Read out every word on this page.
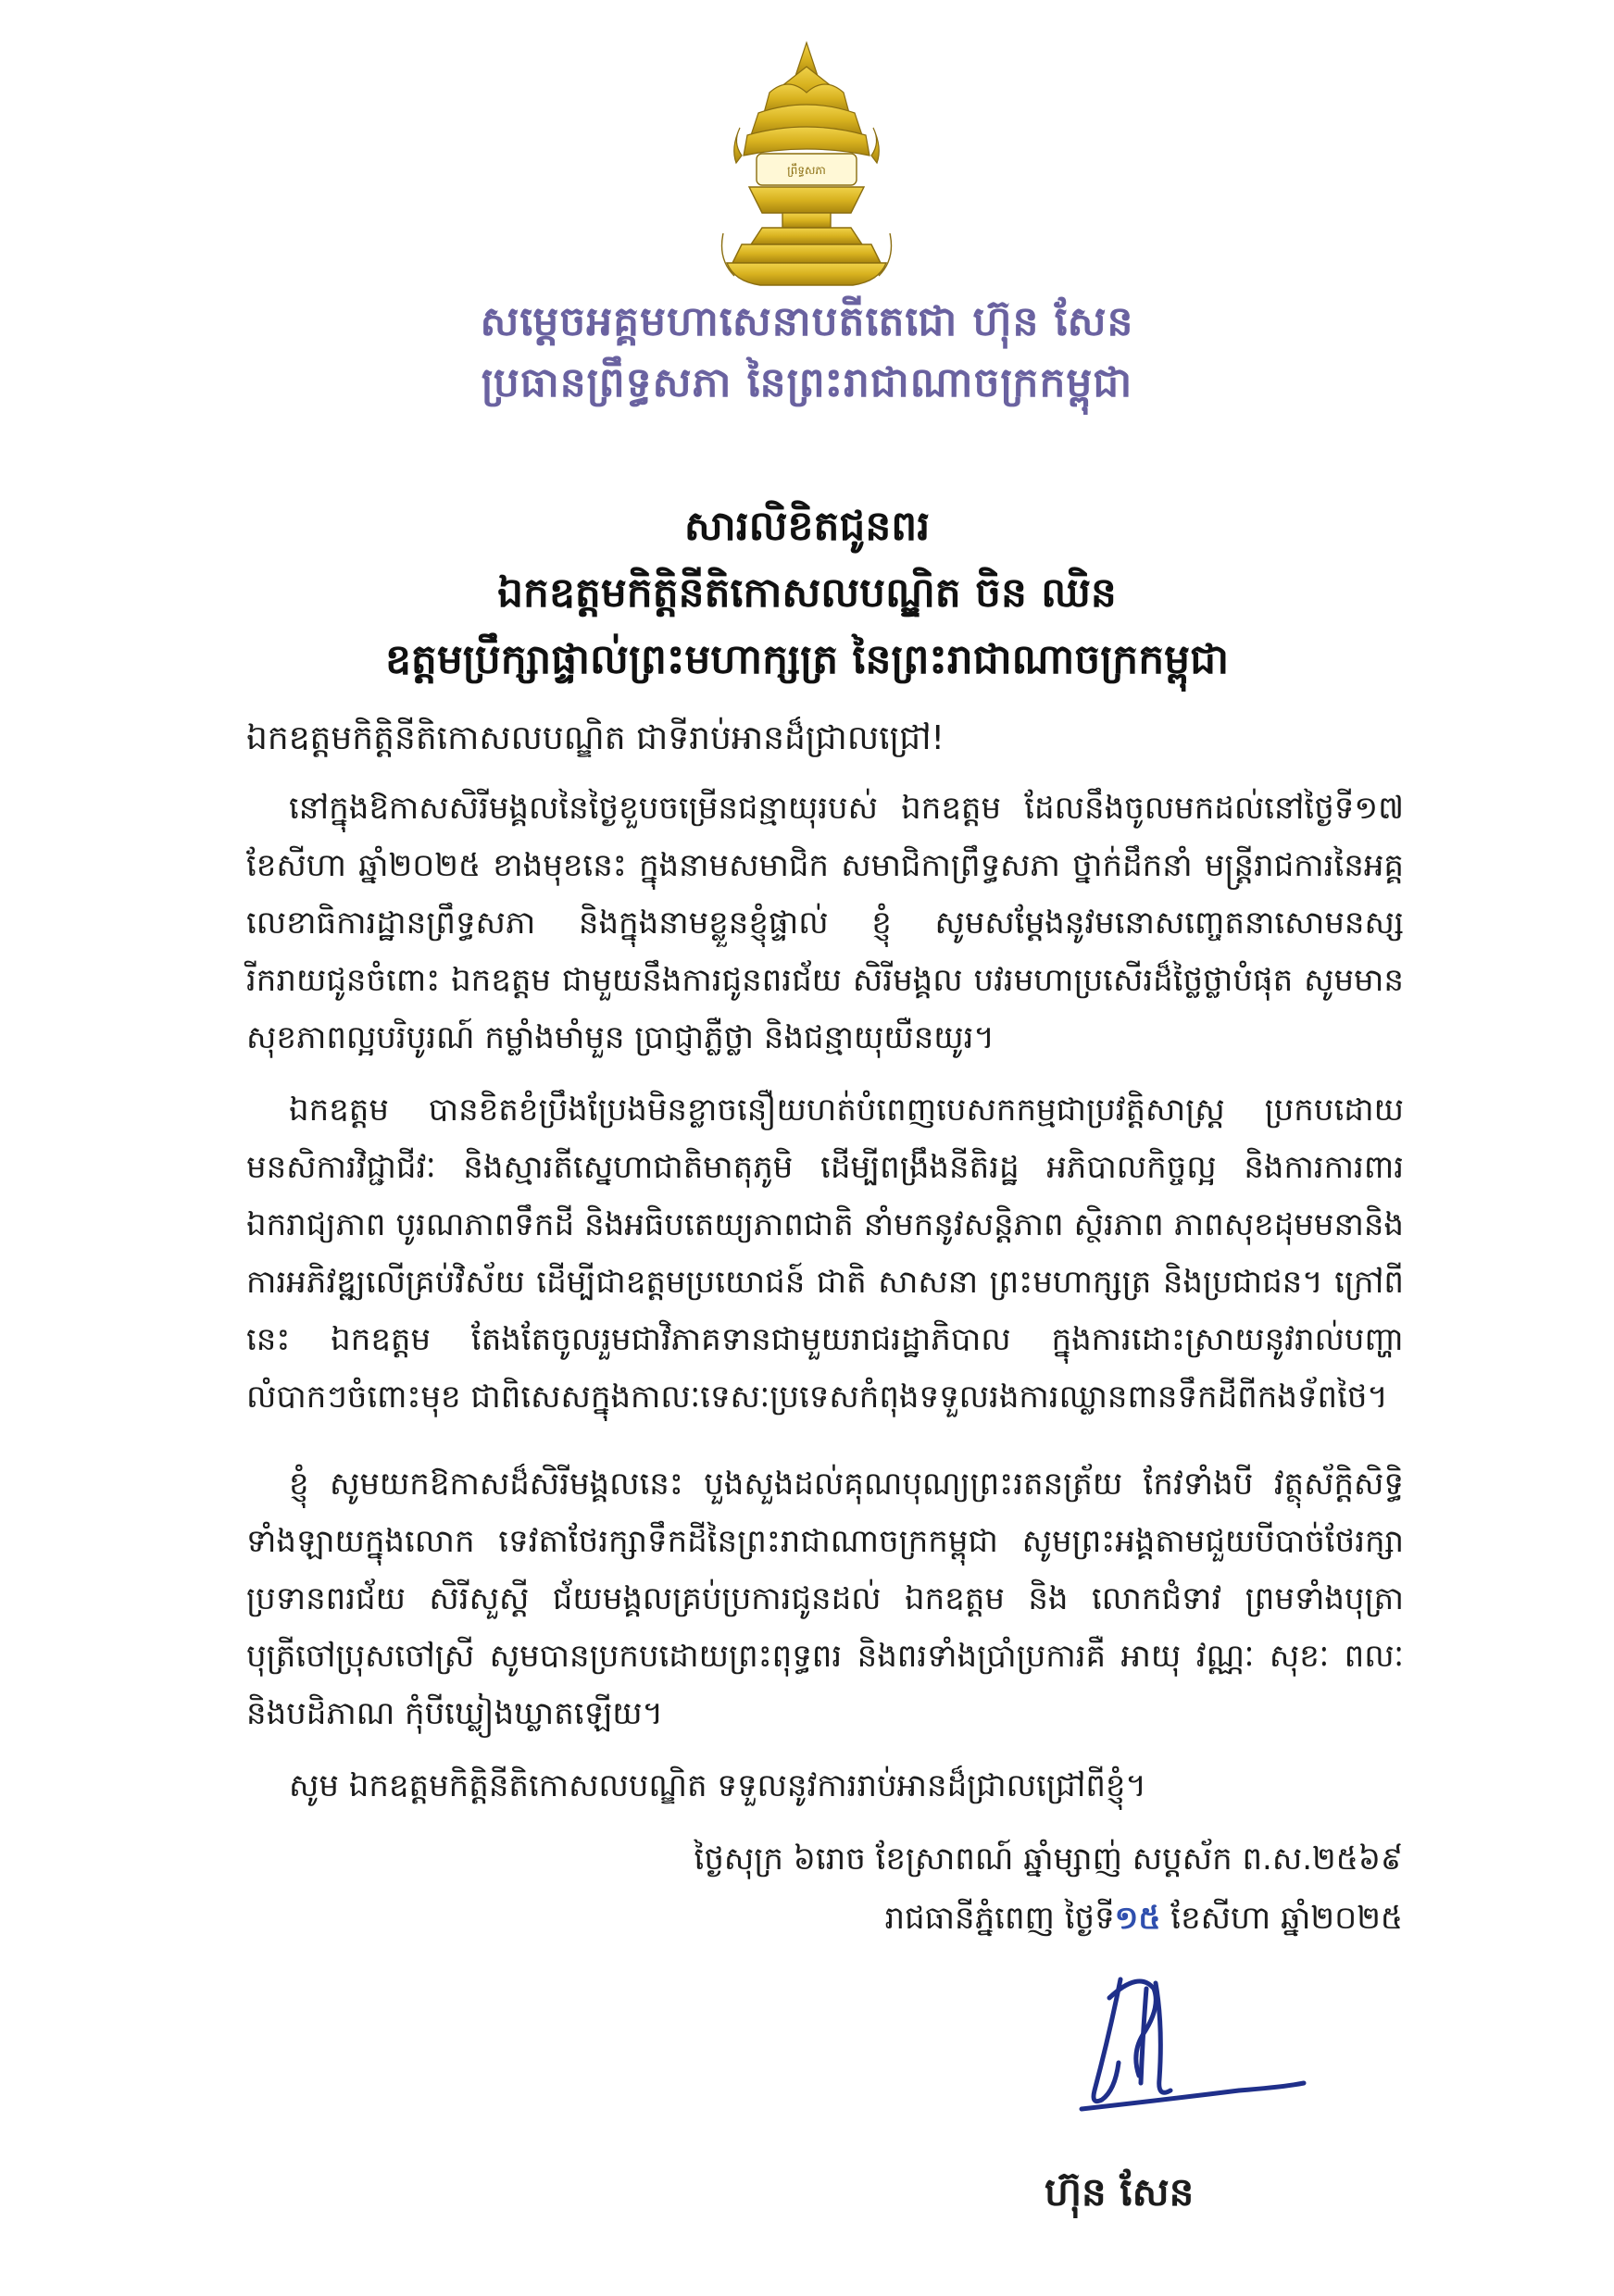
ព្រឹទ្ធសភា
សម្តេចអគ្គមហាសេនាបតីតេជោ ហ៊ុន សែន
ប្រធានព្រឹទ្ធសភា នៃព្រះរាជាណាចក្រកម្ពុជា
សារលិខិតជូនពរ
ឯកឧត្តមកិត្តិនីតិកោសលបណ្ឌិត ចិន ឈិន
ឧត្តមប្រឹក្សាផ្ទាល់ព្រះមហាក្សត្រ នៃព្រះរាជាណាចក្រកម្ពុជា
ឯកឧត្តមកិត្តិនីតិកោសលបណ្ឌិត ជាទីរាប់អានដ៏ជ្រាលជ្រៅ!

នៅក្នុងឱកាសសិរីមង្គលនៃថ្ងៃខួបចម្រើនជន្មាយុរបស់ ឯកឧត្តម ដែលនឹងចូលមកដល់នៅថ្ងៃទី១៧ ខែសីហា ឆ្នាំ២០២៥ ខាងមុខនេះ ក្នុងនាមសមាជិក សមាជិកាព្រឹទ្ធសភា ថ្នាក់ដឹកនាំ មន្ត្រីរាជការនៃអគ្គលេខាធិការដ្ឋានព្រឹទ្ធសភា និងក្នុងនាមខ្លួនខ្ញុំផ្ទាល់ ខ្ញុំ សូមសម្តែងនូវមនោសញ្ចេតនាសោមនស្សរីករាយជូនចំពោះ ឯកឧត្តម ជាមួយនឹងការជូនពរជ័យ សិរីមង្គល បវរមហាប្រសើរដ៏ថ្លៃថ្លាបំផុត សូមមានសុខភាពល្អបរិបូរណ៍ កម្លាំងមាំមួន ប្រាជ្ញាភ្លឺថ្លា និងជន្មាយុយឺនយូរ។

ឯកឧត្តម បានខិតខំប្រឹងប្រែងមិនខ្លាចនឿយហត់បំពេញបេសកកម្មជាប្រវត្តិសាស្ត្រ ប្រកបដោយមនសិការវិជ្ជាជីវៈ និងស្មារតីស្នេហាជាតិមាតុភូមិ ដើម្បីពង្រឹងនីតិរដ្ឋ អភិបាលកិច្ចល្អ និងការការពារឯករាជ្យភាព បូរណភាពទឹកដី និងអធិបតេយ្យភាពជាតិ នាំមកនូវសន្តិភាព ស្ថិរភាព ភាពសុខដុមមនានិងការអភិវឌ្ឍលើគ្រប់វិស័យ ដើម្បីជាឧត្តមប្រយោជន៍ ជាតិ សាសនា ព្រះមហាក្សត្រ និងប្រជាជន។ ក្រៅពីនេះ ឯកឧត្តម តែងតែចូលរួមជាវិភាគទានជាមួយរាជរដ្ឋាភិបាល ក្នុងការដោះស្រាយនូវរាល់បញ្ហាលំបាកៗចំពោះមុខ ជាពិសេសក្នុងកាលៈទេសៈប្រទេសកំពុងទទួលរងការឈ្លានពានទឹកដីពីកងទ័ពថៃ។

ខ្ញុំ សូមយកឱកាសដ៏សិរីមង្គលនេះ បួងសួងដល់គុណបុណ្យព្រះរតនត្រ័យ កែវទាំងបី វត្ថុស័ក្តិសិទ្ធិទាំងឡាយក្នុងលោក ទេវតាថែរក្សាទឹកដីនៃព្រះរាជាណាចក្រកម្ពុជា សូមព្រះអង្គតាមជួយបីបាច់ថែរក្សាប្រទានពរជ័យ សិរីសួស្តី ជ័យមង្គលគ្រប់ប្រការជូនដល់ ឯកឧត្តម និង លោកជំទាវ ព្រមទាំងបុត្រាបុត្រីចៅប្រុសចៅស្រី សូមបានប្រកបដោយព្រះពុទ្ធពរ និងពរទាំងប្រាំប្រការគឺ អាយុ វណ្ណៈ សុខៈ ពលៈ និងបដិភាណ កុំបីឃ្លៀងឃ្លាតឡើយ។

សូម ឯកឧត្តមកិត្តិនីតិកោសលបណ្ឌិត ទទួលនូវការរាប់អានដ៏ជ្រាលជ្រៅពីខ្ញុំ។

ថ្ងៃសុក្រ ៦រោច ខែស្រាពណ៍ ឆ្នាំម្សាញ់ សប្តស័ក ព.ស.២៥៦៩
រាជធានីភ្នំពេញ ថ្ងៃទី១៥ ខែសីហា ឆ្នាំ២០២៥
ហ៊ុន សែន
